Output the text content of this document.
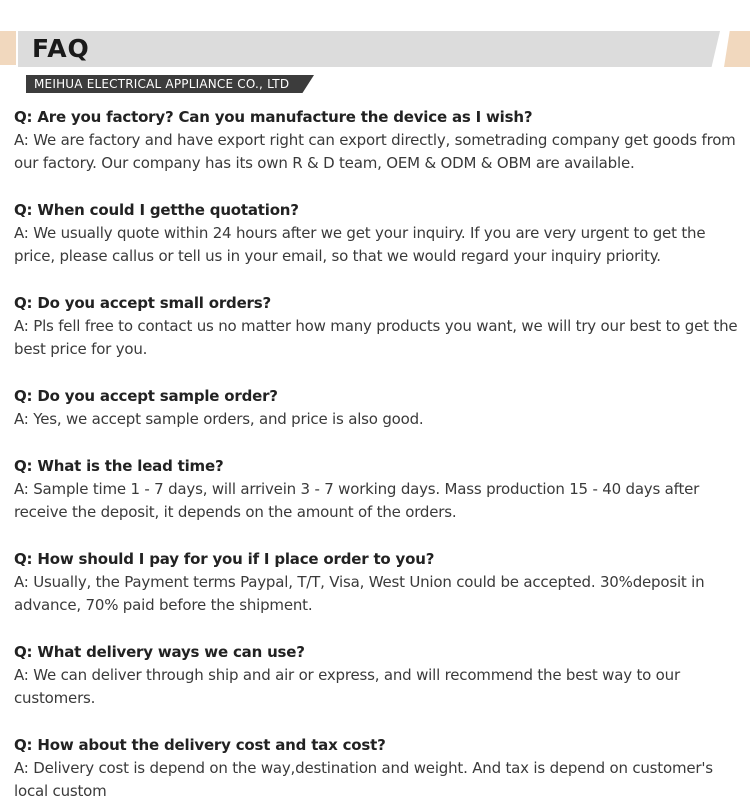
FAQ
MEIHUA ELECTRICAL APPLIANCE CO., LTD
Q: Are you factory? Can you manufacture the device as I wish?
A: We are factory and have export right can export directly, sometrading company get goods from our factory. Our company has its own R & D team, OEM & ODM & OBM are available.
Q: When could I getthe quotation?
A: We usually quote within 24 hours after we get your inquiry. If you are very urgent to get the price, please callus or tell us in your email, so that we would regard your inquiry priority.
Q: Do you accept small orders?
A: Pls fell free to contact us no matter how many products you want, we will try our best to get the best price for you.
Q: Do you accept sample order?
A: Yes, we accept sample orders, and price is also good.
Q: What is the lead time?
A: Sample time 1 - 7 days, will arrivein 3 - 7 working days. Mass production 15 - 40 days after receive the deposit, it depends on the amount of the orders.
Q: How should I pay for you if I place order to you?
A: Usually, the Payment terms Paypal, T/T, Visa, West Union could be accepted. 30%deposit in advance, 70% paid before the shipment.
Q: What delivery ways we can use?
A: We can deliver through ship and air or express, and will recommend the best way to our customers.
Q: How about the delivery cost and tax cost?
A: Delivery cost is depend on the way,destination and weight. And tax is depend on customer's local custom
